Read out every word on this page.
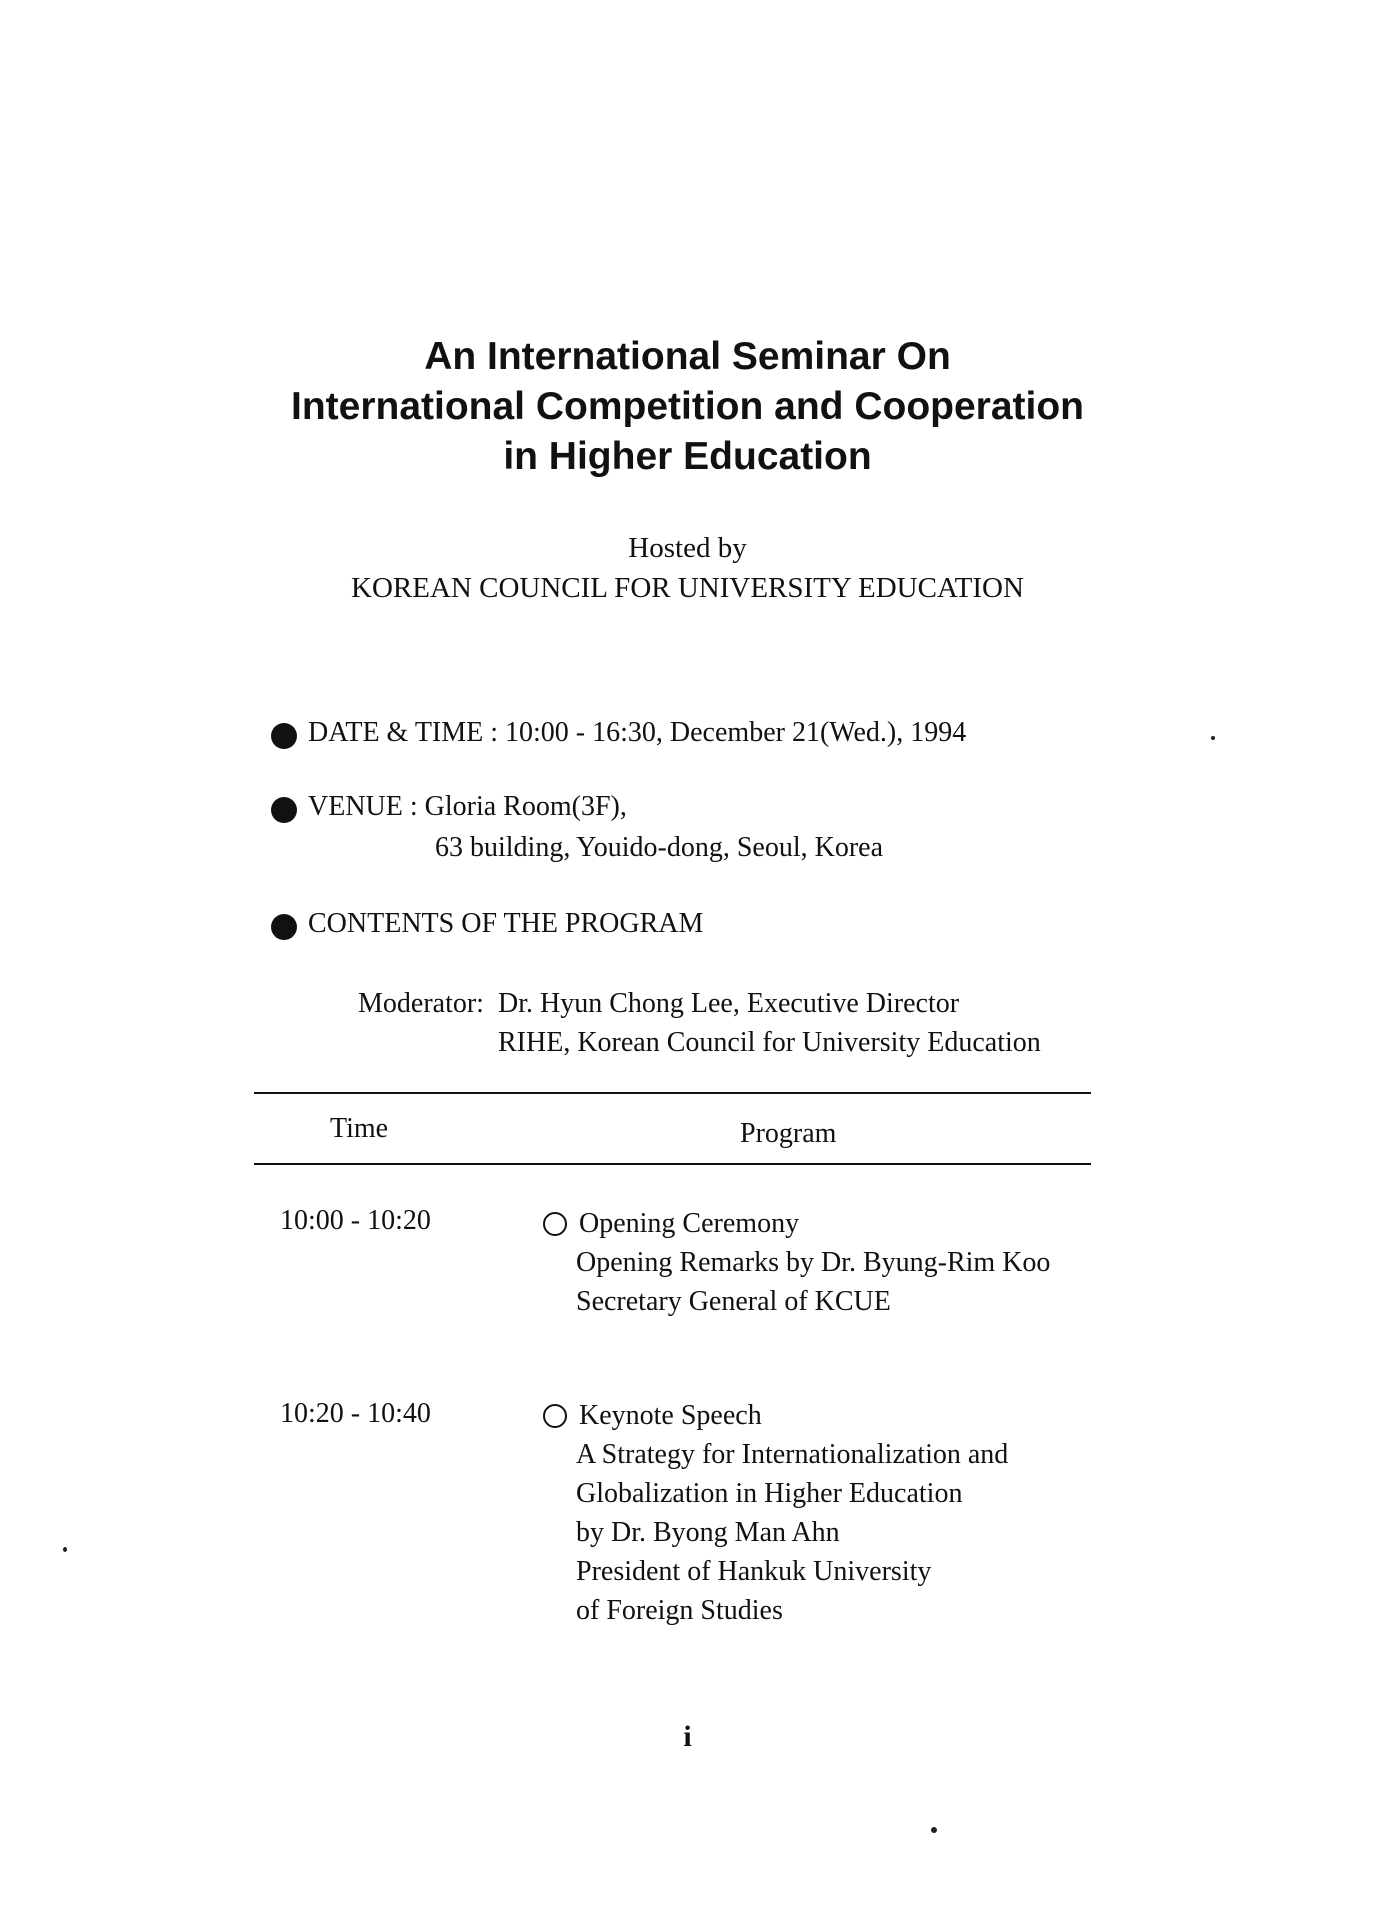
An International Seminar On
International Competition and Cooperation
in Higher Education
Hosted by
KOREAN COUNCIL FOR UNIVERSITY EDUCATION
DATE & TIME : 10:00 - 16:30, December 21(Wed.), 1994
VENUE : Gloria Room(3F),
63 building, Youido-dong, Seoul, Korea
CONTENTS OF THE PROGRAM
Moderator: Dr. Hyun Chong Lee, Executive Director
RIHE, Korean Council for University Education
Time	Program
10:00 - 10:20	Opening Ceremony
Opening Remarks by Dr. Byung-Rim Koo
Secretary General of KCUE
10:20 - 10:40	Keynote Speech
A Strategy for Internationalization and
Globalization in Higher Education
by Dr. Byong Man Ahn
President of Hankuk University
of Foreign Studies
i
